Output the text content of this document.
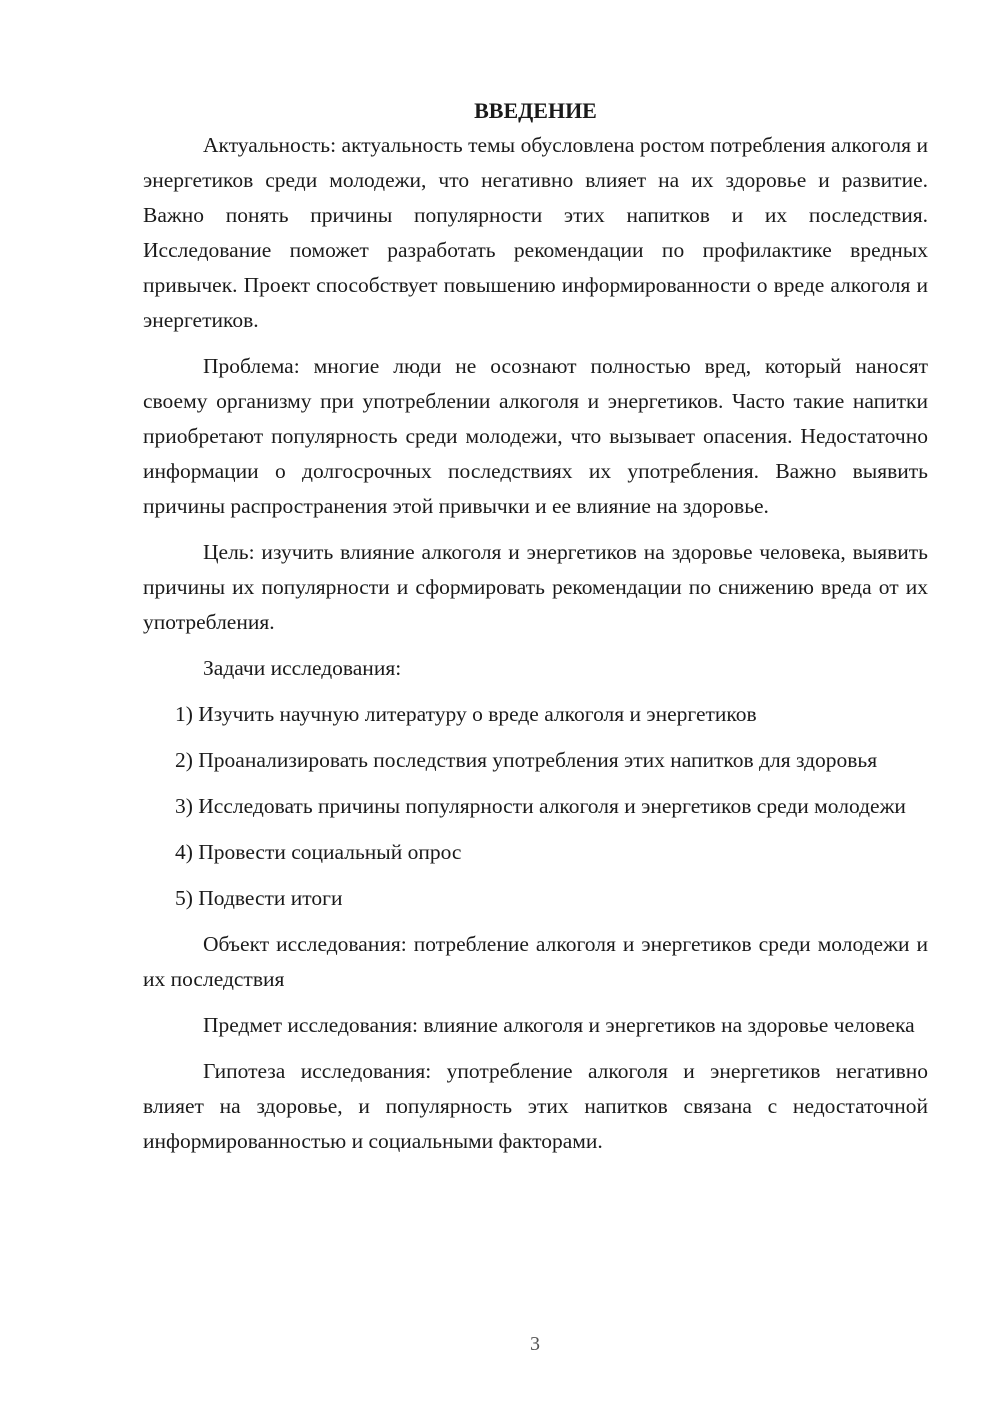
ВВЕДЕНИЕ

Актуальность: актуальность темы обусловлена ростом потребления алкоголя и энергетиков среди молодежи, что негативно влияет на их здоровье и развитие. Важно понять причины популярности этих напитков и их последствия. Исследование поможет разработать рекомендации по профилактике вредных привычек. Проект способствует повышению информированности о вреде алкоголя и энергетиков.

Проблема: многие люди не осознают полностью вред, который наносят своему организму при употреблении алкоголя и энергетиков. Часто такие напитки приобретают популярность среди молодежи, что вызывает опасения. Недостаточно информации о долгосрочных последствиях их употребления. Важно выявить причины распространения этой привычки и ее влияние на здоровье.

Цель: изучить влияние алкоголя и энергетиков на здоровье человека, выявить причины их популярности и сформировать рекомендации по снижению вреда от их употребления.

Задачи исследования:

1) Изучить научную литературу о вреде алкоголя и энергетиков

2) Проанализировать последствия употребления этих напитков для здоровья

3) Исследовать причины популярности алкоголя и энергетиков среди молодежи

4) Провести социальный опрос

5) Подвести итоги

Объект исследования: потребление алкоголя и энергетиков среди молодежи и их последствия

Предмет исследования: влияние алкоголя и энергетиков на здоровье человека

Гипотеза исследования: употребление алкоголя и энергетиков негативно влияет на здоровье, и популярность этих напитков связана с недостаточной информированностью и социальными факторами.

3
